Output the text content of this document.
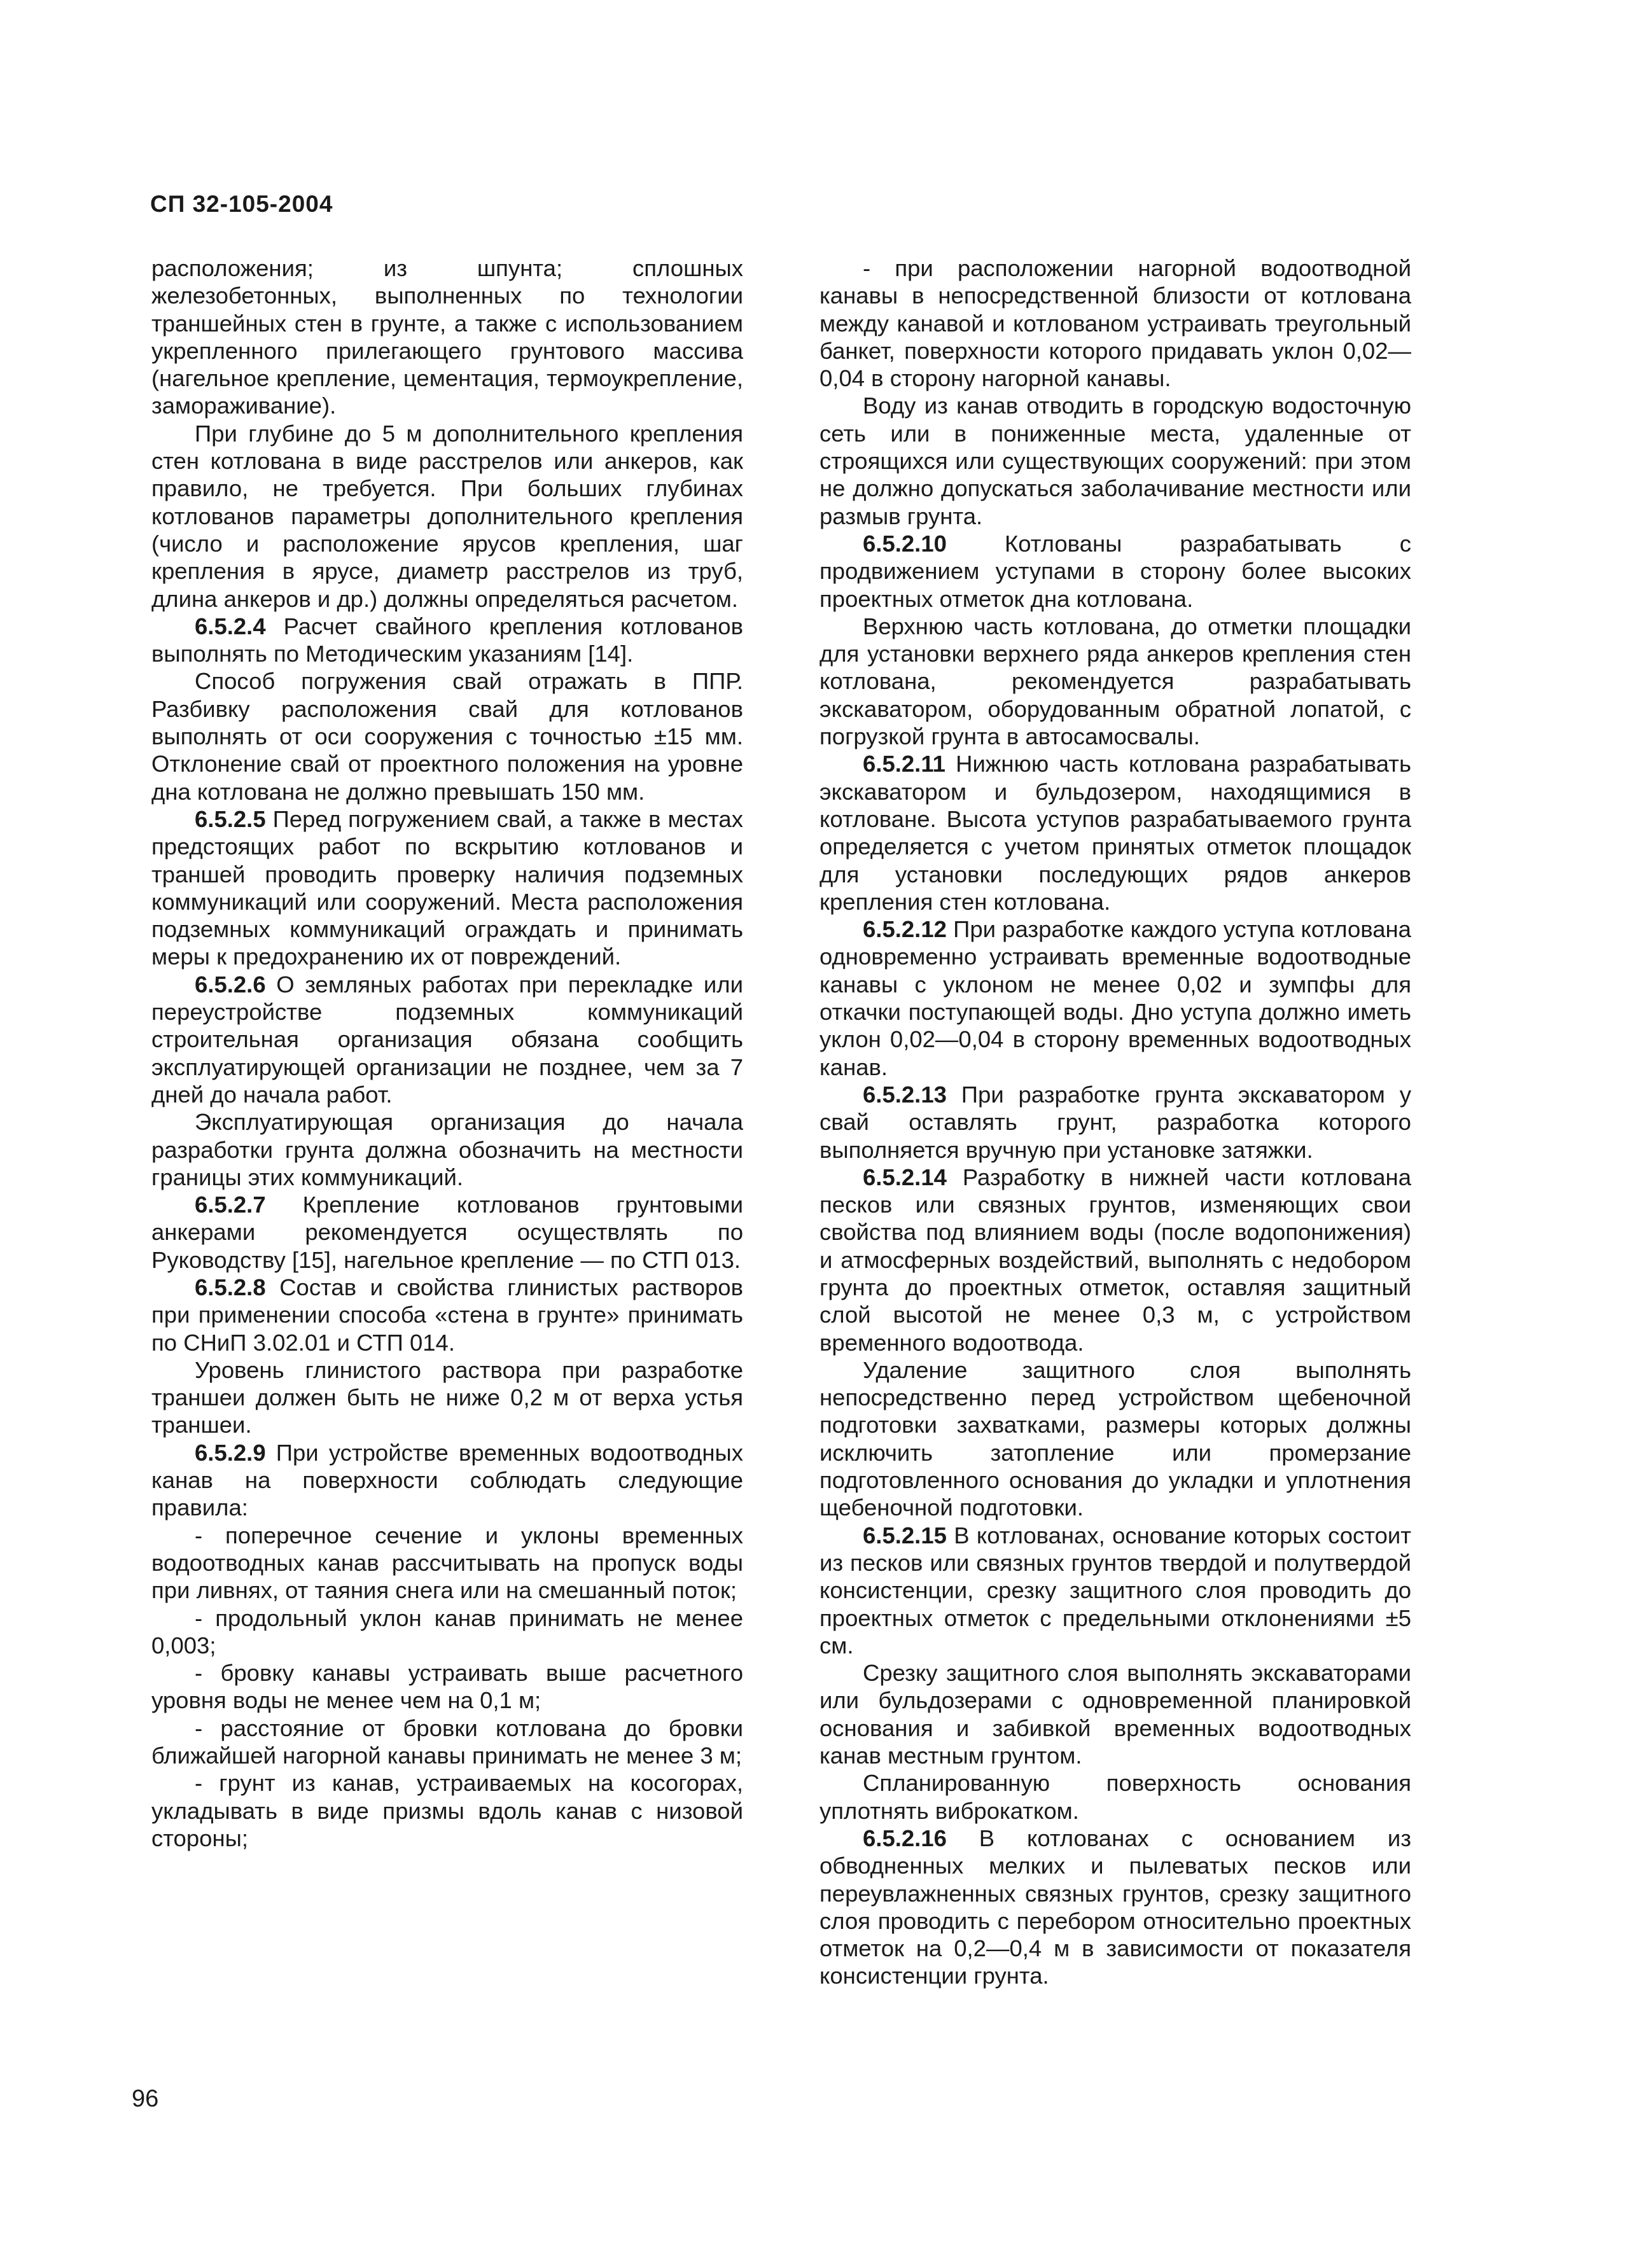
СП 32-105-2004

расположения; из шпунта; сплошных железобетонных, выполненных по технологии траншейных стен в грунте, а также с использованием укрепленного прилегающего грунтового массива (нагельное крепление, цементация, термоукрепление, замораживание).

При глубине до 5 м дополнительного крепления стен котлована в виде расстрелов или анкеров, как правило, не требуется. При больших глубинах котлованов параметры дополнительного крепления (число и расположение ярусов крепления, шаг крепления в ярусе, диаметр расстрелов из труб, длина анкеров и др.) должны определяться расчетом.

6.5.2.4 Расчет свайного крепления котлованов выполнять по Методическим указаниям [14].

Способ погружения свай отражать в ППР. Разбивку расположения свай для котлованов выполнять от оси сооружения с точностью ±15 мм. Отклонение свай от проектного положения на уровне дна котлована не должно превышать 150 мм.

6.5.2.5 Перед погружением свай, а также в местах предстоящих работ по вскрытию котлованов и траншей проводить проверку наличия подземных коммуникаций или сооружений. Места расположения подземных коммуникаций ограждать и принимать меры к предохранению их от повреждений.

6.5.2.6 О земляных работах при перекладке или переустройстве подземных коммуникаций строительная организация обязана сообщить эксплуатирующей организации не позднее, чем за 7 дней до начала работ.

Эксплуатирующая организация до начала разработки грунта должна обозначить на местности границы этих коммуникаций.

6.5.2.7 Крепление котлованов грунтовыми анкерами рекомендуется осуществлять по Руководству [15], нагельное крепление — по СТП 013.

6.5.2.8 Состав и свойства глинистых растворов при применении способа «стена в грунте» принимать по СНиП 3.02.01 и СТП 014.

Уровень глинистого раствора при разработке траншеи должен быть не ниже 0,2 м от верха устья траншеи.

6.5.2.9 При устройстве временных водоотводных канав на поверхности соблюдать следующие правила:

- поперечное сечение и уклоны временных водоотводных канав рассчитывать на пропуск воды при ливнях, от таяния снега или на смешанный поток;

- продольный уклон канав принимать не менее 0,003;

- бровку канавы устраивать выше расчетного уровня воды не менее чем на 0,1 м;

- расстояние от бровки котлована до бровки ближайшей нагорной канавы принимать не менее 3 м;

- грунт из канав, устраиваемых на косогорах, укладывать в виде призмы вдоль канав с низовой стороны;

- при расположении нагорной водоотводной канавы в непосредственной близости от котлована между канавой и котлованом устраивать треугольный банкет, поверхности которого придавать уклон 0,02—0,04 в сторону нагорной канавы.

Воду из канав отводить в городскую водосточную сеть или в пониженные места, удаленные от строящихся или существующих сооружений: при этом не должно допускаться заболачивание местности или размыв грунта.

6.5.2.10 Котлованы разрабатывать с продвижением уступами в сторону более высоких проектных отметок дна котлована.

Верхнюю часть котлована, до отметки площадки для установки верхнего ряда анкеров крепления стен котлована, рекомендуется разрабатывать экскаватором, оборудованным обратной лопатой, с погрузкой грунта в автосамосвалы.

6.5.2.11 Нижнюю часть котлована разрабатывать экскаватором и бульдозером, находящимися в котловане. Высота уступов разрабатываемого грунта определяется с учетом принятых отметок площадок для установки последующих рядов анкеров крепления стен котлована.

6.5.2.12 При разработке каждого уступа котлована одновременно устраивать временные водоотводные канавы с уклоном не менее 0,02 и зумпфы для откачки поступающей воды. Дно уступа должно иметь уклон 0,02—0,04 в сторону временных водоотводных канав.

6.5.2.13 При разработке грунта экскаватором у свай оставлять грунт, разработка которого выполняется вручную при установке затяжки.

6.5.2.14 Разработку в нижней части котлована песков или связных грунтов, изменяющих свои свойства под влиянием воды (после водопонижения) и атмосферных воздействий, выполнять с недобором грунта до проектных отметок, оставляя защитный слой высотой не менее 0,3 м, с устройством временного водоотвода.

Удаление защитного слоя выполнять непосредственно перед устройством щебеночной подготовки захватками, размеры которых должны исключить затопление или промерзание подготовленного основания до укладки и уплотнения щебеночной подготовки.

6.5.2.15 В котлованах, основание которых состоит из песков или связных грунтов твердой и полутвердой консистенции, срезку защитного слоя проводить до проектных отметок с предельными отклонениями ±5 см.

Срезку защитного слоя выполнять экскаваторами или бульдозерами с одновременной планировкой основания и забивкой временных водоотводных канав местным грунтом.

Спланированную поверхность основания уплотнять виброкатком.

6.5.2.16 В котлованах с основанием из обводненных мелких и пылеватых песков или переувлажненных связных грунтов, срезку защитного слоя проводить с перебором относительно проектных отметок на 0,2—0,4 м в зависимости от показателя консистенции грунта.

96
